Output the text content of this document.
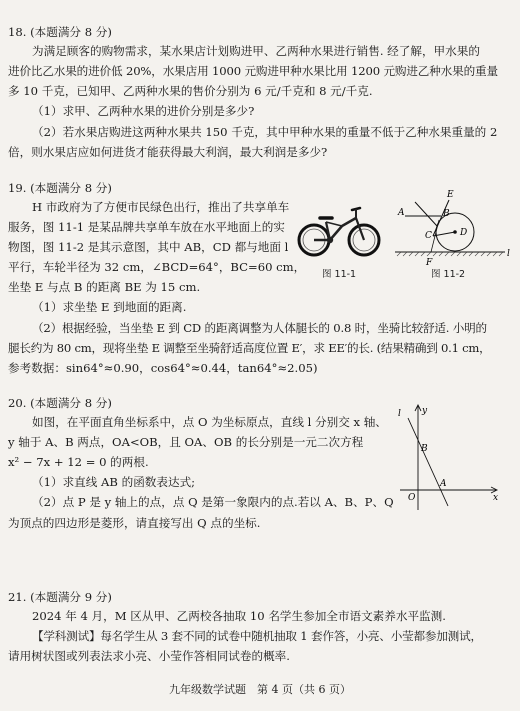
18. (本题满分 8 分)
为满足顾客的购物需求，某水果店计划购进甲、乙两种水果进行销售. 经了解，甲水果的
进价比乙水果的进价低 20%，水果店用 1000 元购进甲种水果比用 1200 元购进乙种水果的重量
多 10 千克，已知甲、乙两种水果的售价分别为 6 元/千克和 8 元/千克.
（1）求甲、乙两种水果的进价分别是多少?
（2）若水果店购进这两种水果共 150 千克，其中甲种水果的重量不低于乙种水果重量的 2
倍，则水果店应如何进货才能获得最大利润，最大利润是多少?
19. (本题满分 8 分)
H 市政府为了方便市民绿色出行，推出了共享单车
服务，图 11-1 是某品牌共享单车放在水平地面上的实
物图，图 11-2 是其示意图，其中 AB，CD 都与地面 l
平行，车轮半径为 32 cm，∠BCD=64°，BC=60 cm，
坐垫 E 与点 B 的距离 BE 为 15 cm.
（1）求坐垫 E 到地面的距离.
（2）根据经验，当坐垫 E 到 CD 的距离调整为人体腿长的 0.8 时，坐骑比较舒适. 小明的
腿长约为 80 cm，现将坐垫 E 调整至坐骑舒适高度位置 E′，求 EE′的长. (结果精确到 0.1 cm，
参考数据：sin64°≈0.90，cos64°≈0.44，tan64°≈2.05)
图 11-1
E
A	B
C	D
F
l
图 11-2
20. (本题满分 8 分)
如图，在平面直角坐标系中，点 O 为坐标原点，直线 l 分别交 x 轴、
y 轴于 A、B 两点，OA<OB，且 OA、OB 的长分别是一元二次方程
x² − 7x + 12 = 0 的两根.
（1）求直线 AB 的函数表达式;
（2）点 P 是 y 轴上的点，点 Q 是第一象限内的点.若以 A、B、P、Q
为顶点的四边形是菱形，请直接写出 Q 点的坐标.
l y
B
O
A
x
21. (本题满分 9 分)
2024 年 4 月，M 区从甲、乙两校各抽取 10 名学生参加全市语文素养水平监测.
【学科测试】每名学生从 3 套不同的试卷中随机抽取 1 套作答，小亮、小莹都参加测试，
请用树状图或列表法求小亮、小莹作答相同试卷的概率.
九年级数学试题　第 4 页（共 6 页）
